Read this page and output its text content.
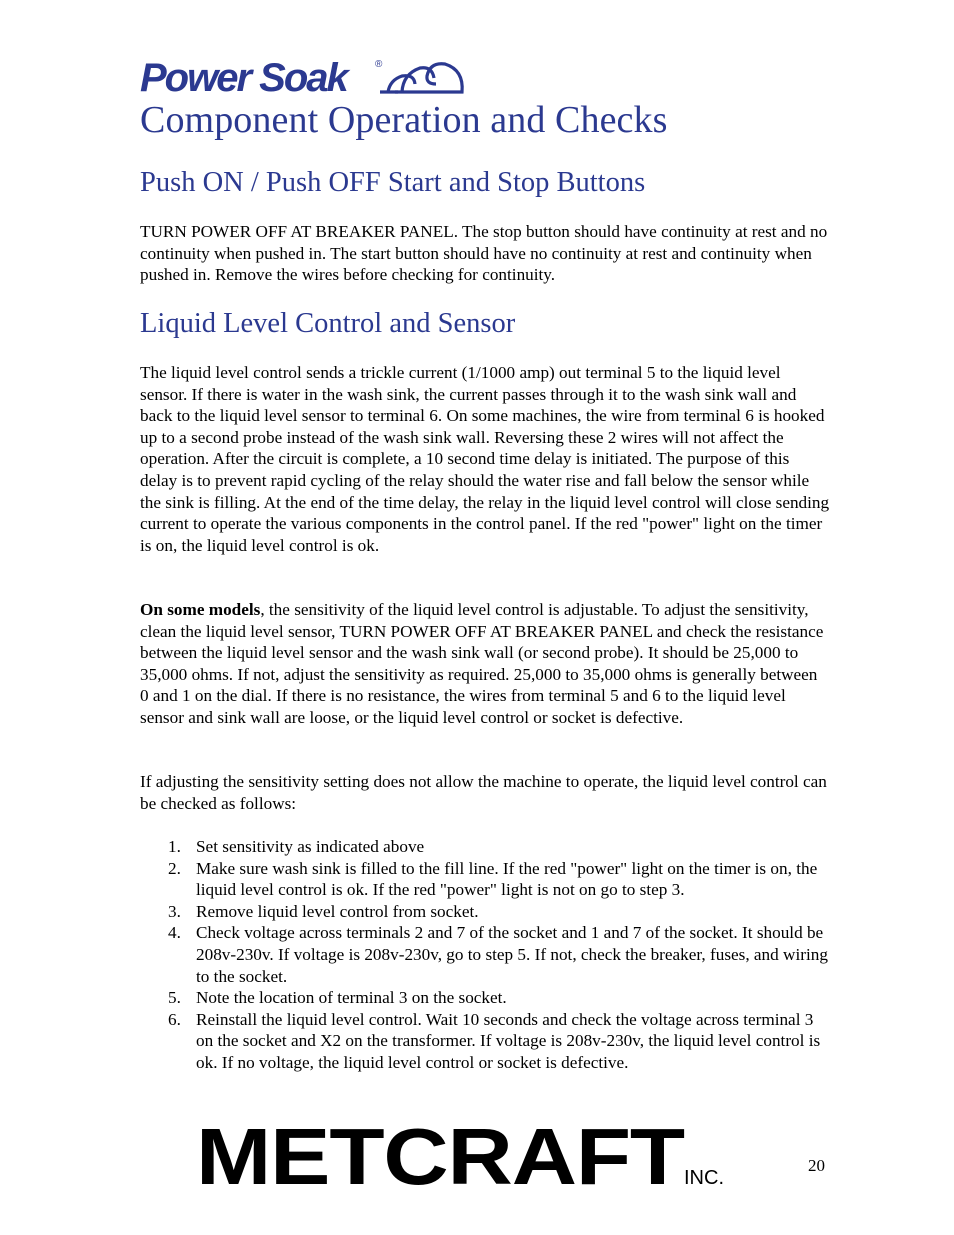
Power Soak	®
Component Operation and Checks
Push ON / Push OFF Start and Stop Buttons

TURN POWER OFF AT BREAKER PANEL. The stop button should have continuity at rest and no continuity when pushed in. The start button should have no continuity at rest and continuity when pushed in. Remove the wires before checking for continuity.

Liquid Level Control and Sensor

The liquid level control sends a trickle current (1/1000 amp) out terminal 5 to the liquid level sensor. If there is water in the wash sink, the current passes through it to the wash sink wall and back to the liquid level sensor to terminal 6. On some machines, the wire from terminal 6 is hooked up to a second probe instead of the wash sink wall. Reversing these 2 wires will not affect the operation. After the circuit is complete, a 10 second time delay is initiated. The purpose of this delay is to prevent rapid cycling of the relay should the water rise and fall below the sensor while the sink is filling. At the end of the time delay, the relay in the liquid level control will close sending current to operate the various components in the control panel. If the red "power" light on the timer is on, the liquid level control is ok.

On some models, the sensitivity of the liquid level control is adjustable. To adjust the sensitivity, clean the liquid level sensor, TURN POWER OFF AT BREAKER PANEL and check the resistance between the liquid level sensor and the wash sink wall (or second probe). It should be 25,000 to 35,000 ohms. If not, adjust the sensitivity as required. 25,000 to 35,000 ohms is generally between 0 and 1 on the dial. If there is no resistance, the wires from terminal 5 and 6 to the liquid level sensor and sink wall are loose, or the liquid level control or socket is defective.

If adjusting the sensitivity setting does not allow the machine to operate, the liquid level control can be checked as follows:

1. Set sensitivity as indicated above
2. Make sure wash sink is filled to the fill line. If the red "power" light on the timer is on, the liquid level control is ok. If the red "power" light is not on go to step 3.
3. Remove liquid level control from socket.
4. Check voltage across terminals 2 and 7 of the socket and 1 and 7 of the socket. It should be 208v-230v. If voltage is 208v-230v, go to step 5. If not, check the breaker, fuses, and wiring to the socket.
5. Note the location of terminal 3 on the socket.
6. Reinstall the liquid level control. Wait 10 seconds and check the voltage across terminal 3 on the socket and X2 on the transformer. If voltage is 208v-230v, the liquid level control is ok. If no voltage, the liquid level control or socket is defective.
METCRAFT
INC.
20
